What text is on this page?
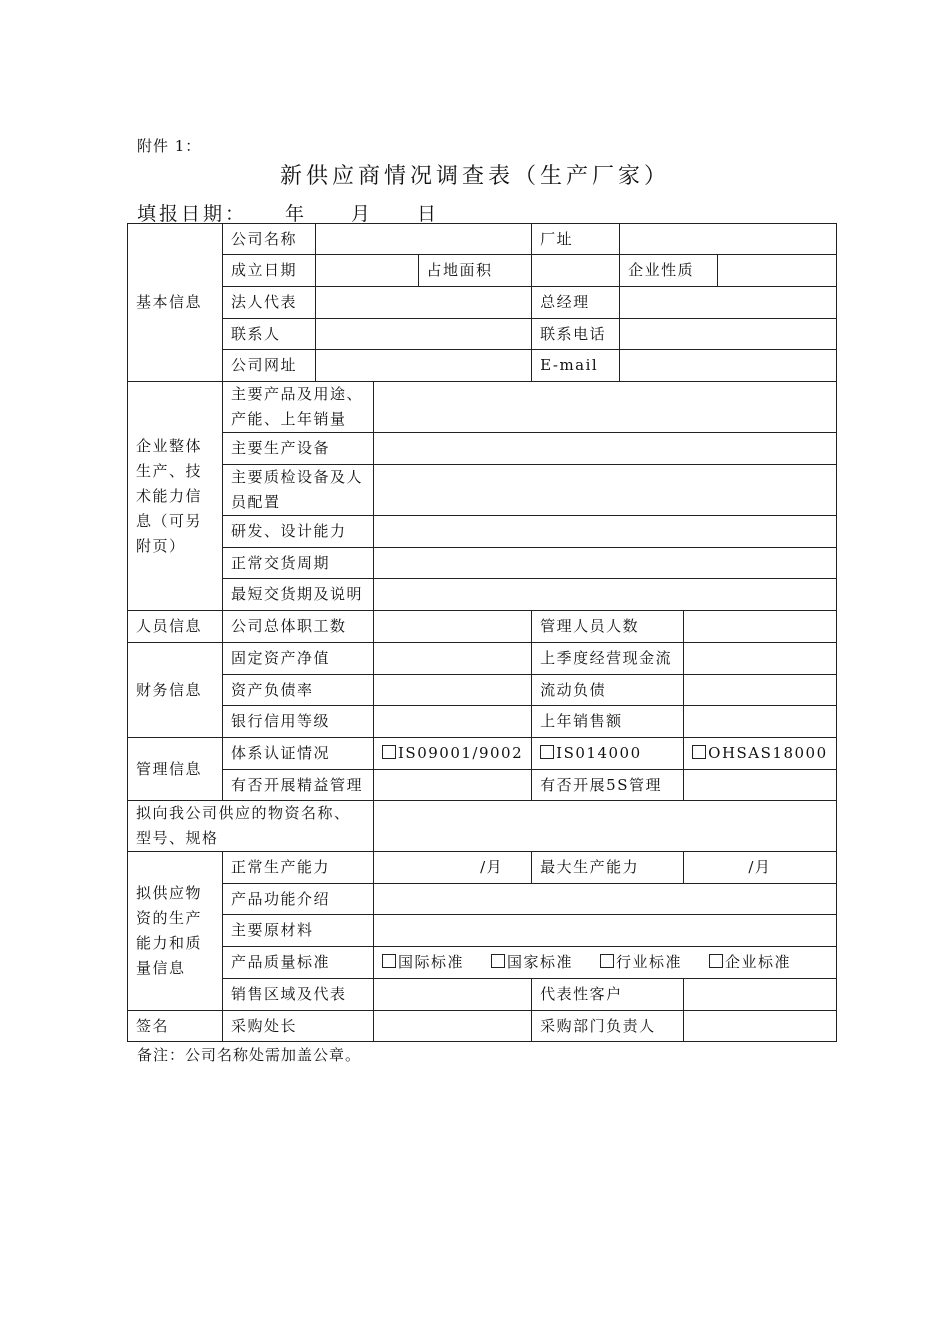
附件 1：
新供应商情况调查表（生产厂家）
填报日期： 年 月 日
基本信息	公司名称				厂址			
	成立日期			占地面积		企业性质		
	法人代表				总经理			
	联系人				联系电话			
	公司网址				E-mail			
企业整体生产、技术能力信息（可另附页）	主要产品及用途、产能、上年销量							
	主要生产设备							
	主要质检设备及人员配置							
	研发、设计能力							
	正常交货周期							
	最短交货期及说明							
人员信息	公司总体职工数				管理人员人数			
财务信息	固定资产净值				上季度经营现金流			
	资产负债率				流动负债			
	银行信用等级				上年销售额			
管理信息	体系认证情况		IS09001/9002		IS014000		OHSAS18000	
	有否开展精益管理				有否开展5S管理			
拟向我公司供应的物资名称、型号、规格								
拟供应物资的生产能力和质量信息	正常生产能力		/月		最大生产能力		/月	
	产品功能介绍							
	主要原材料							
	产品质量标准		国际标准 国家标准 行业标准 企业标准					

	销售区域及代表				代表性客户			
签名	采购处长				采购部门负责人			
备注：公司名称处需加盖公章。
